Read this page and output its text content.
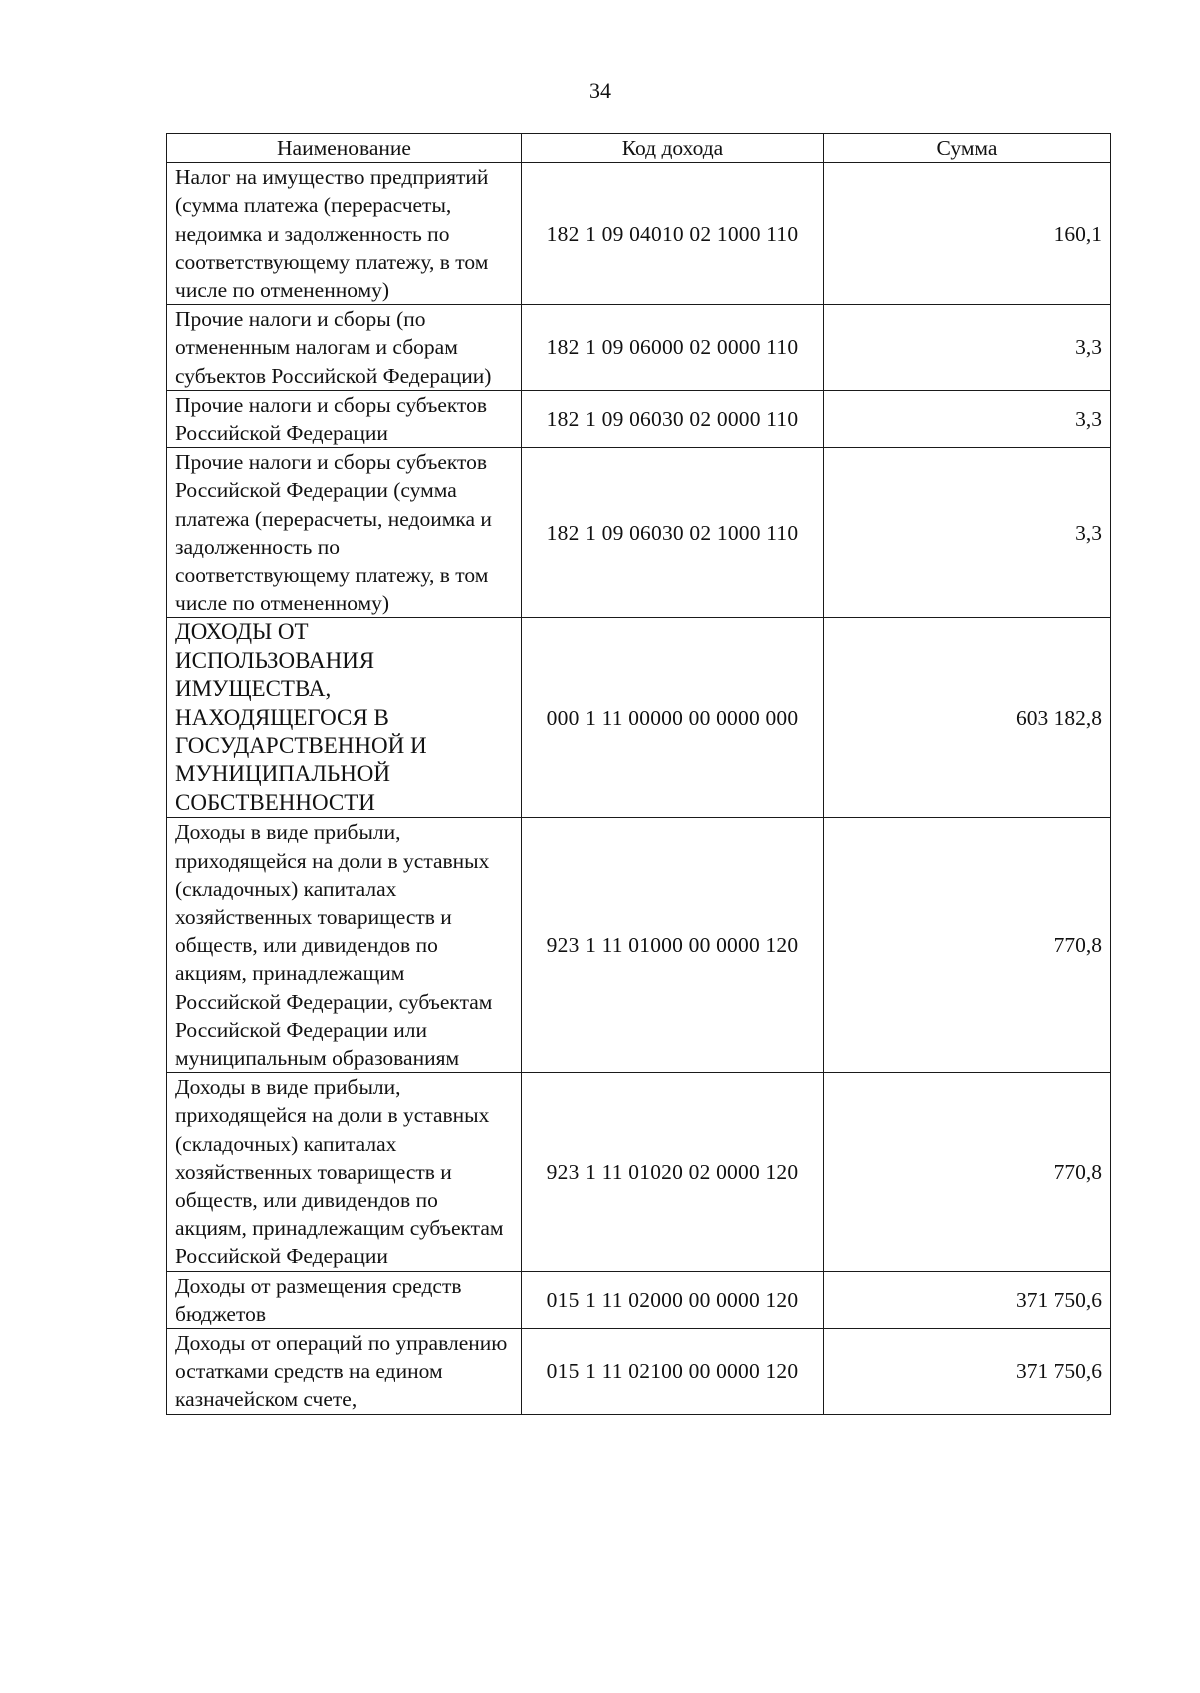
34
Наименование	Код дохода	Сумма
Налог на имущество предприятий (сумма платежа (перерасчеты, недоимка и задолженность по соответствующему платежу, в том числе по отмененному)	182 1 09 04010 02 1000 110	160,1
Прочие налоги и сборы (по отмененным налогам и сборам субъектов Российской Федерации)	182 1 09 06000 02 0000 110	3,3
Прочие налоги и сборы субъектов Российской Федерации	182 1 09 06030 02 0000 110	3,3
Прочие налоги и сборы субъектов Российской Федерации (сумма платежа (перерасчеты, недоимка и задолженность по соответствующему платежу, в том числе по отмененному)	182 1 09 06030 02 1000 110	3,3
ДОХОДЫ ОТ ИСПОЛЬЗОВАНИЯ ИМУЩЕСТВА, НАХОДЯЩЕГОСЯ В ГОСУДАРСТВЕННОЙ И МУНИЦИПАЛЬНОЙ СОБСТВЕННОСТИ	000 1 11 00000 00 0000 000	603 182,8
Доходы в виде прибыли, приходящейся на доли в уставных (складочных) капиталах хозяйственных товариществ и обществ, или дивидендов по акциям, принадлежащим Российской Федерации, субъектам Российской Федерации или муниципальным образованиям	923 1 11 01000 00 0000 120	770,8
Доходы в виде прибыли, приходящейся на доли в уставных (складочных) капиталах хозяйственных товариществ и обществ, или дивидендов по акциям, принадлежащим субъектам Российской Федерации	923 1 11 01020 02 0000 120	770,8
Доходы от размещения средств бюджетов	015 1 11 02000 00 0000 120	371 750,6
Доходы от операций по управлению остатками средств на едином казначейском счете,	015 1 11 02100 00 0000 120	371 750,6
